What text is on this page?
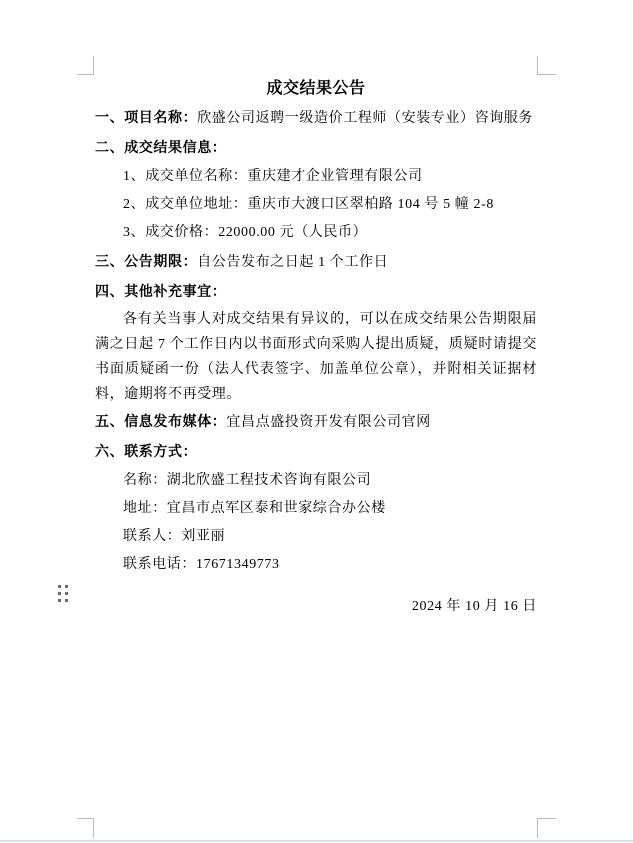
成交结果公告
一、项目名称：欣盛公司返聘一级造价工程师（安装专业）咨询服务
二、成交结果信息：
1、成交单位名称：重庆建才企业管理有限公司
2、成交单位地址：重庆市大渡口区翠柏路 104 号 5 幢 2-8
3、成交价格：22000.00 元（人民币）
三、公告期限：自公告发布之日起 1 个工作日
四、其他补充事宜：

各有关当事人对成交结果有异议的，可以在成交结果公告期限届满之日起 7 个工作日内以书面形式向采购人提出质疑，质疑时请提交书面质疑函一份（法人代表签字、加盖单位公章），并附相关证据材料，逾期将不再受理。

五、信息发布媒体：宜昌点盛投资开发有限公司官网
六、联系方式：
名称：湖北欣盛工程技术咨询有限公司
地址：宜昌市点军区泰和世家综合办公楼
联系人：刘亚丽
联系电话：17671349773
2024 年 10 月 16 日
